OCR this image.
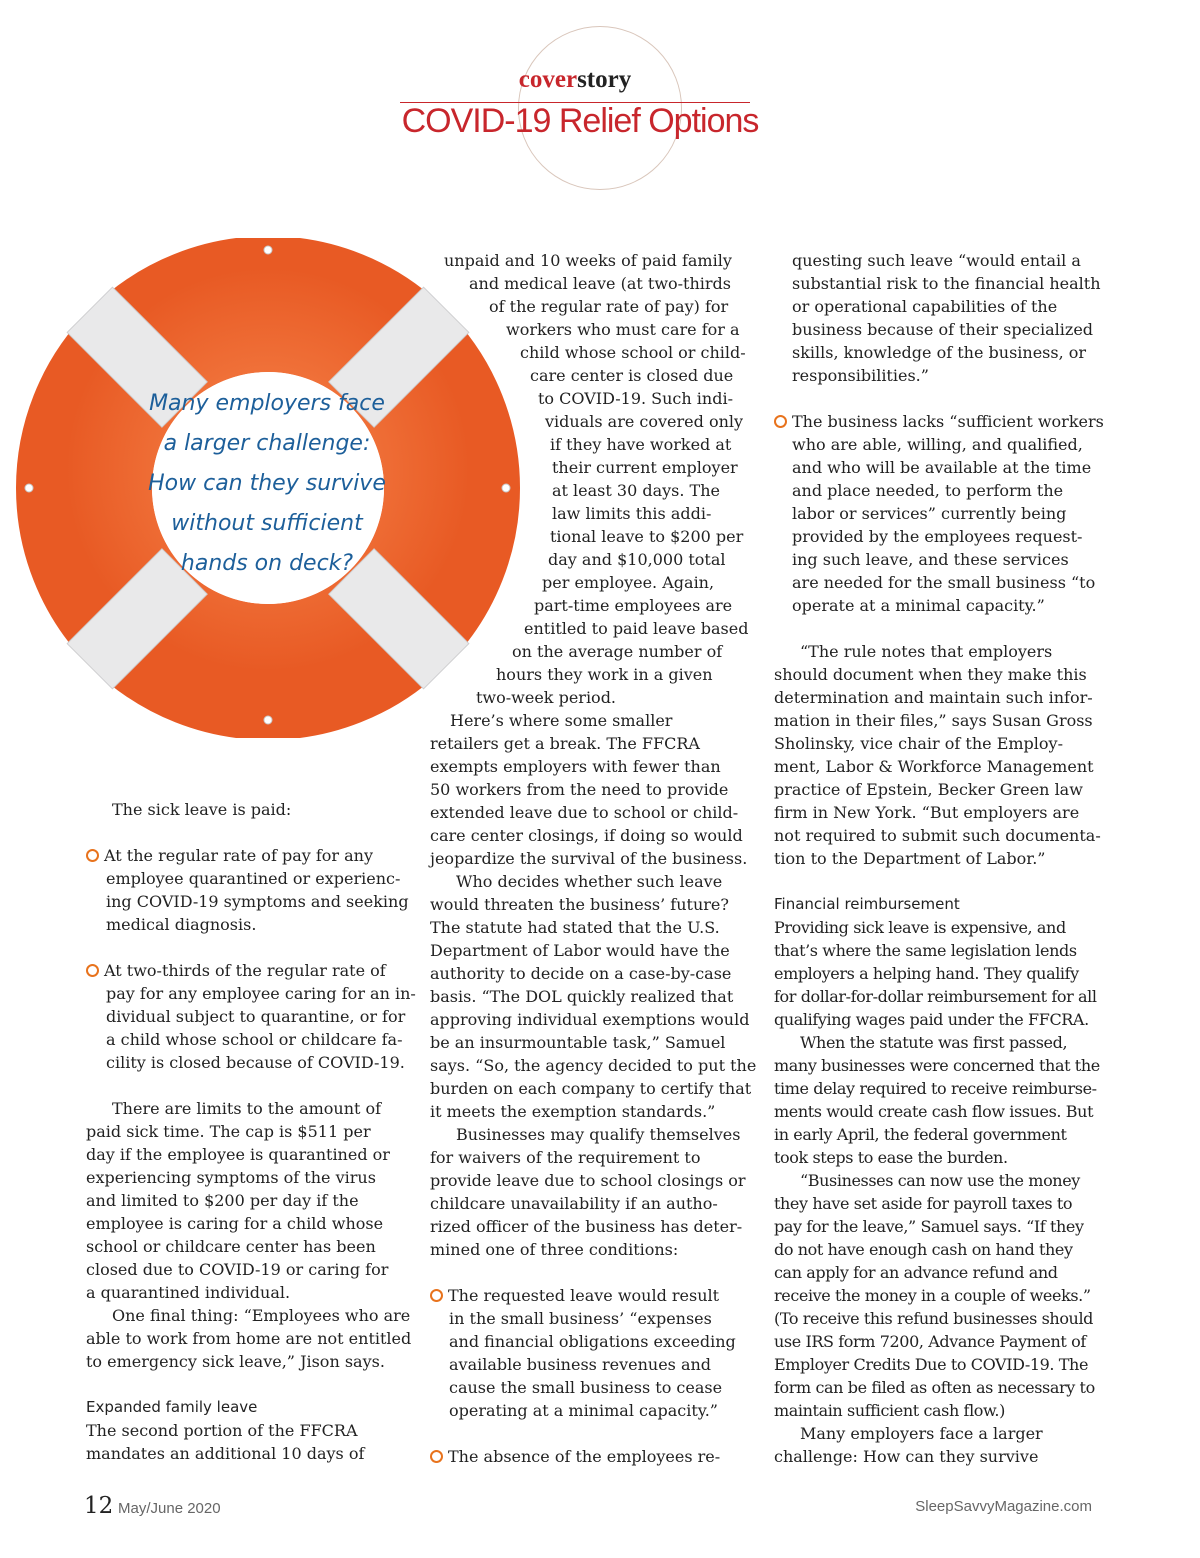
coverstory
COVID-19 Relief Options
Many employers face
a larger challenge:
How can they survive
without sufficient
hands on deck?
The sick leave is paid:
At the regular rate of pay for any
employee quarantined or experienc-
ing COVID-19 symptoms and seeking
medical diagnosis.
At two-thirds of the regular rate of
pay for any employee caring for an in-
dividual subject to quarantine, or for
a child whose school or childcare fa-
cility is closed because of COVID-19.
There are limits to the amount of
paid sick time. The cap is $511 per
day if the employee is quarantined or
experiencing symptoms of the virus
and limited to $200 per day if the
employee is caring for a child whose
school or childcare center has been
closed due to COVID-19 or caring for
a quarantined individual.
One final thing: “Employees who are
able to work from home are not entitled
to emergency sick leave,” Jison says.
Expanded family leave
The second portion of the FFCRA
mandates an additional 10 days of
unpaid and 10 weeks of paid family
and medical leave (at two-thirds
of the regular rate of pay) for
workers who must care for a
child whose school or child-
care center is closed due
to COVID-19. Such indi-
viduals are covered only
if they have worked at
their current employer
at least 30 days. The
law limits this addi-
tional leave to $200 per
day and $10,000 total
per employee. Again,
part-time employees are
entitled to paid leave based
on the average number of
hours they work in a given
two-week period.
Here’s where some smaller
retailers get a break. The FFCRA
exempts employers with fewer than
50 workers from the need to provide
extended leave due to school or child-
care center closings, if doing so would
jeopardize the survival of the business.
Who decides whether such leave
would threaten the business’ future?
The statute had stated that the U.S.
Department of Labor would have the
authority to decide on a case-by-case
basis. “The DOL quickly realized that
approving individual exemptions would
be an insurmountable task,” Samuel
says. “So, the agency decided to put the
burden on each company to certify that
it meets the exemption standards.”
Businesses may qualify themselves
for waivers of the requirement to
provide leave due to school closings or
childcare unavailability if an autho-
rized officer of the business has deter-
mined one of three conditions:
The requested leave would result
in the small business’ “expenses
and financial obligations exceeding
available business revenues and
cause the small business to cease
operating at a minimal capacity.”
The absence of the employees re-
questing such leave “would entail a
substantial risk to the financial health
or operational capabilities of the
business because of their specialized
skills, knowledge of the business, or
responsibilities.”
The business lacks “sufficient workers
who are able, willing, and qualified,
and who will be available at the time
and place needed, to perform the
labor or services” currently being
provided by the employees request-
ing such leave, and these services
are needed for the small business “to
operate at a minimal capacity.”
“The rule notes that employers
should document when they make this
determination and maintain such infor-
mation in their files,” says Susan Gross
Sholinsky, vice chair of the Employ-
ment, Labor & Workforce Management
practice of Epstein, Becker Green law
firm in New York. “But employers are
not required to submit such documenta-
tion to the Department of Labor.”
Financial reimbursement
Providing sick leave is expensive, and
that’s where the same legislation lends
employers a helping hand. They qualify
for dollar-for-dollar reimbursement for all
qualifying wages paid under the FFCRA.
When the statute was first passed,
many businesses were concerned that the
time delay required to receive reimburse-
ments would create cash flow issues. But
in early April, the federal government
took steps to ease the burden.
“Businesses can now use the money
they have set aside for payroll taxes to
pay for the leave,” Samuel says. “If they
do not have enough cash on hand they
can apply for an advance refund and
receive the money in a couple of weeks.”
(To receive this refund businesses should
use IRS form 7200, Advance Payment of
Employer Credits Due to COVID-19. The
form can be filed as often as necessary to
maintain sufficient cash flow.)
Many employers face a larger
challenge: How can they survive
12 May/June 2020	SleepSavvyMagazine.com
